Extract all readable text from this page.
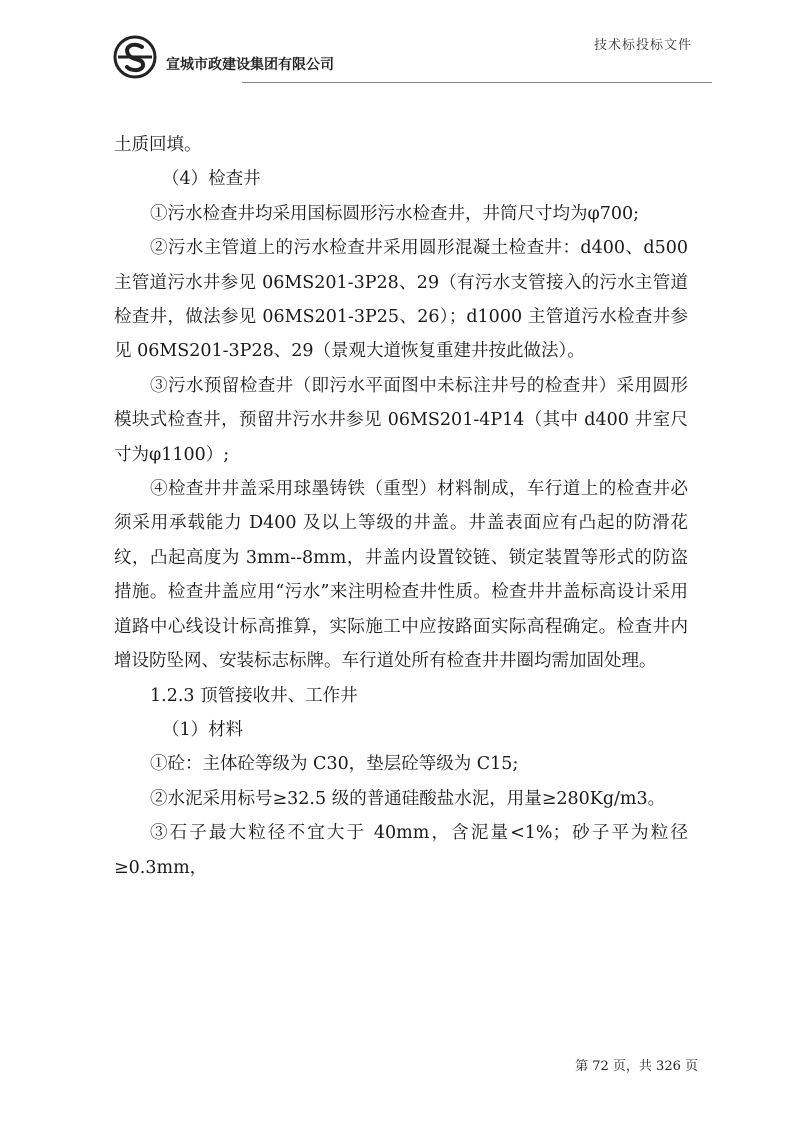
宣城市政建设集团有限公司
技术标投标文件

土质回填。

（4）检查井

①污水检查井均采用国标圆形污水检查井，井筒尺寸均为φ700;

②污水主管道上的污水检查井采用圆形混凝土检查井：d400、d500主管道污水井参见 06MS201-3P28、29（有污水支管接入的污水主管道检查井，做法参见 06MS201-3P25、26）；d1000 主管道污水检查井参见 06MS201-3P28、29（景观大道恢复重建井按此做法）。

③污水预留检查井（即污水平面图中未标注井号的检查井）采用圆形模块式检查井，预留井污水井参见 06MS201-4P14（其中 d400 井室尺寸为φ1100）;

④检查井井盖采用球墨铸铁（重型）材料制成，车行道上的检查井必须采用承载能力 D400 及以上等级的井盖。井盖表面应有凸起的防滑花纹，凸起高度为 3mm--8mm，井盖内设置铰链、锁定装置等形式的防盗措施。检查井盖应用“污水”来注明检查井性质。检查井井盖标高设计采用道路中心线设计标高推算，实际施工中应按路面实际高程确定。检查井内增设防坠网、安装标志标牌。车行道处所有检查井井圈均需加固处理。

1.2.3 顶管接收井、工作井

（1）材料

①砼：主体砼等级为 C30，垫层砼等级为 C15;

②水泥采用标号≥32.5 级的普通硅酸盐水泥，用量≥280Kg/m3。

③石子最大粒径不宜大于 40mm，含泥量<1%；砂子平为粒径≥0.3mm，

第 72 页，共 326 页
